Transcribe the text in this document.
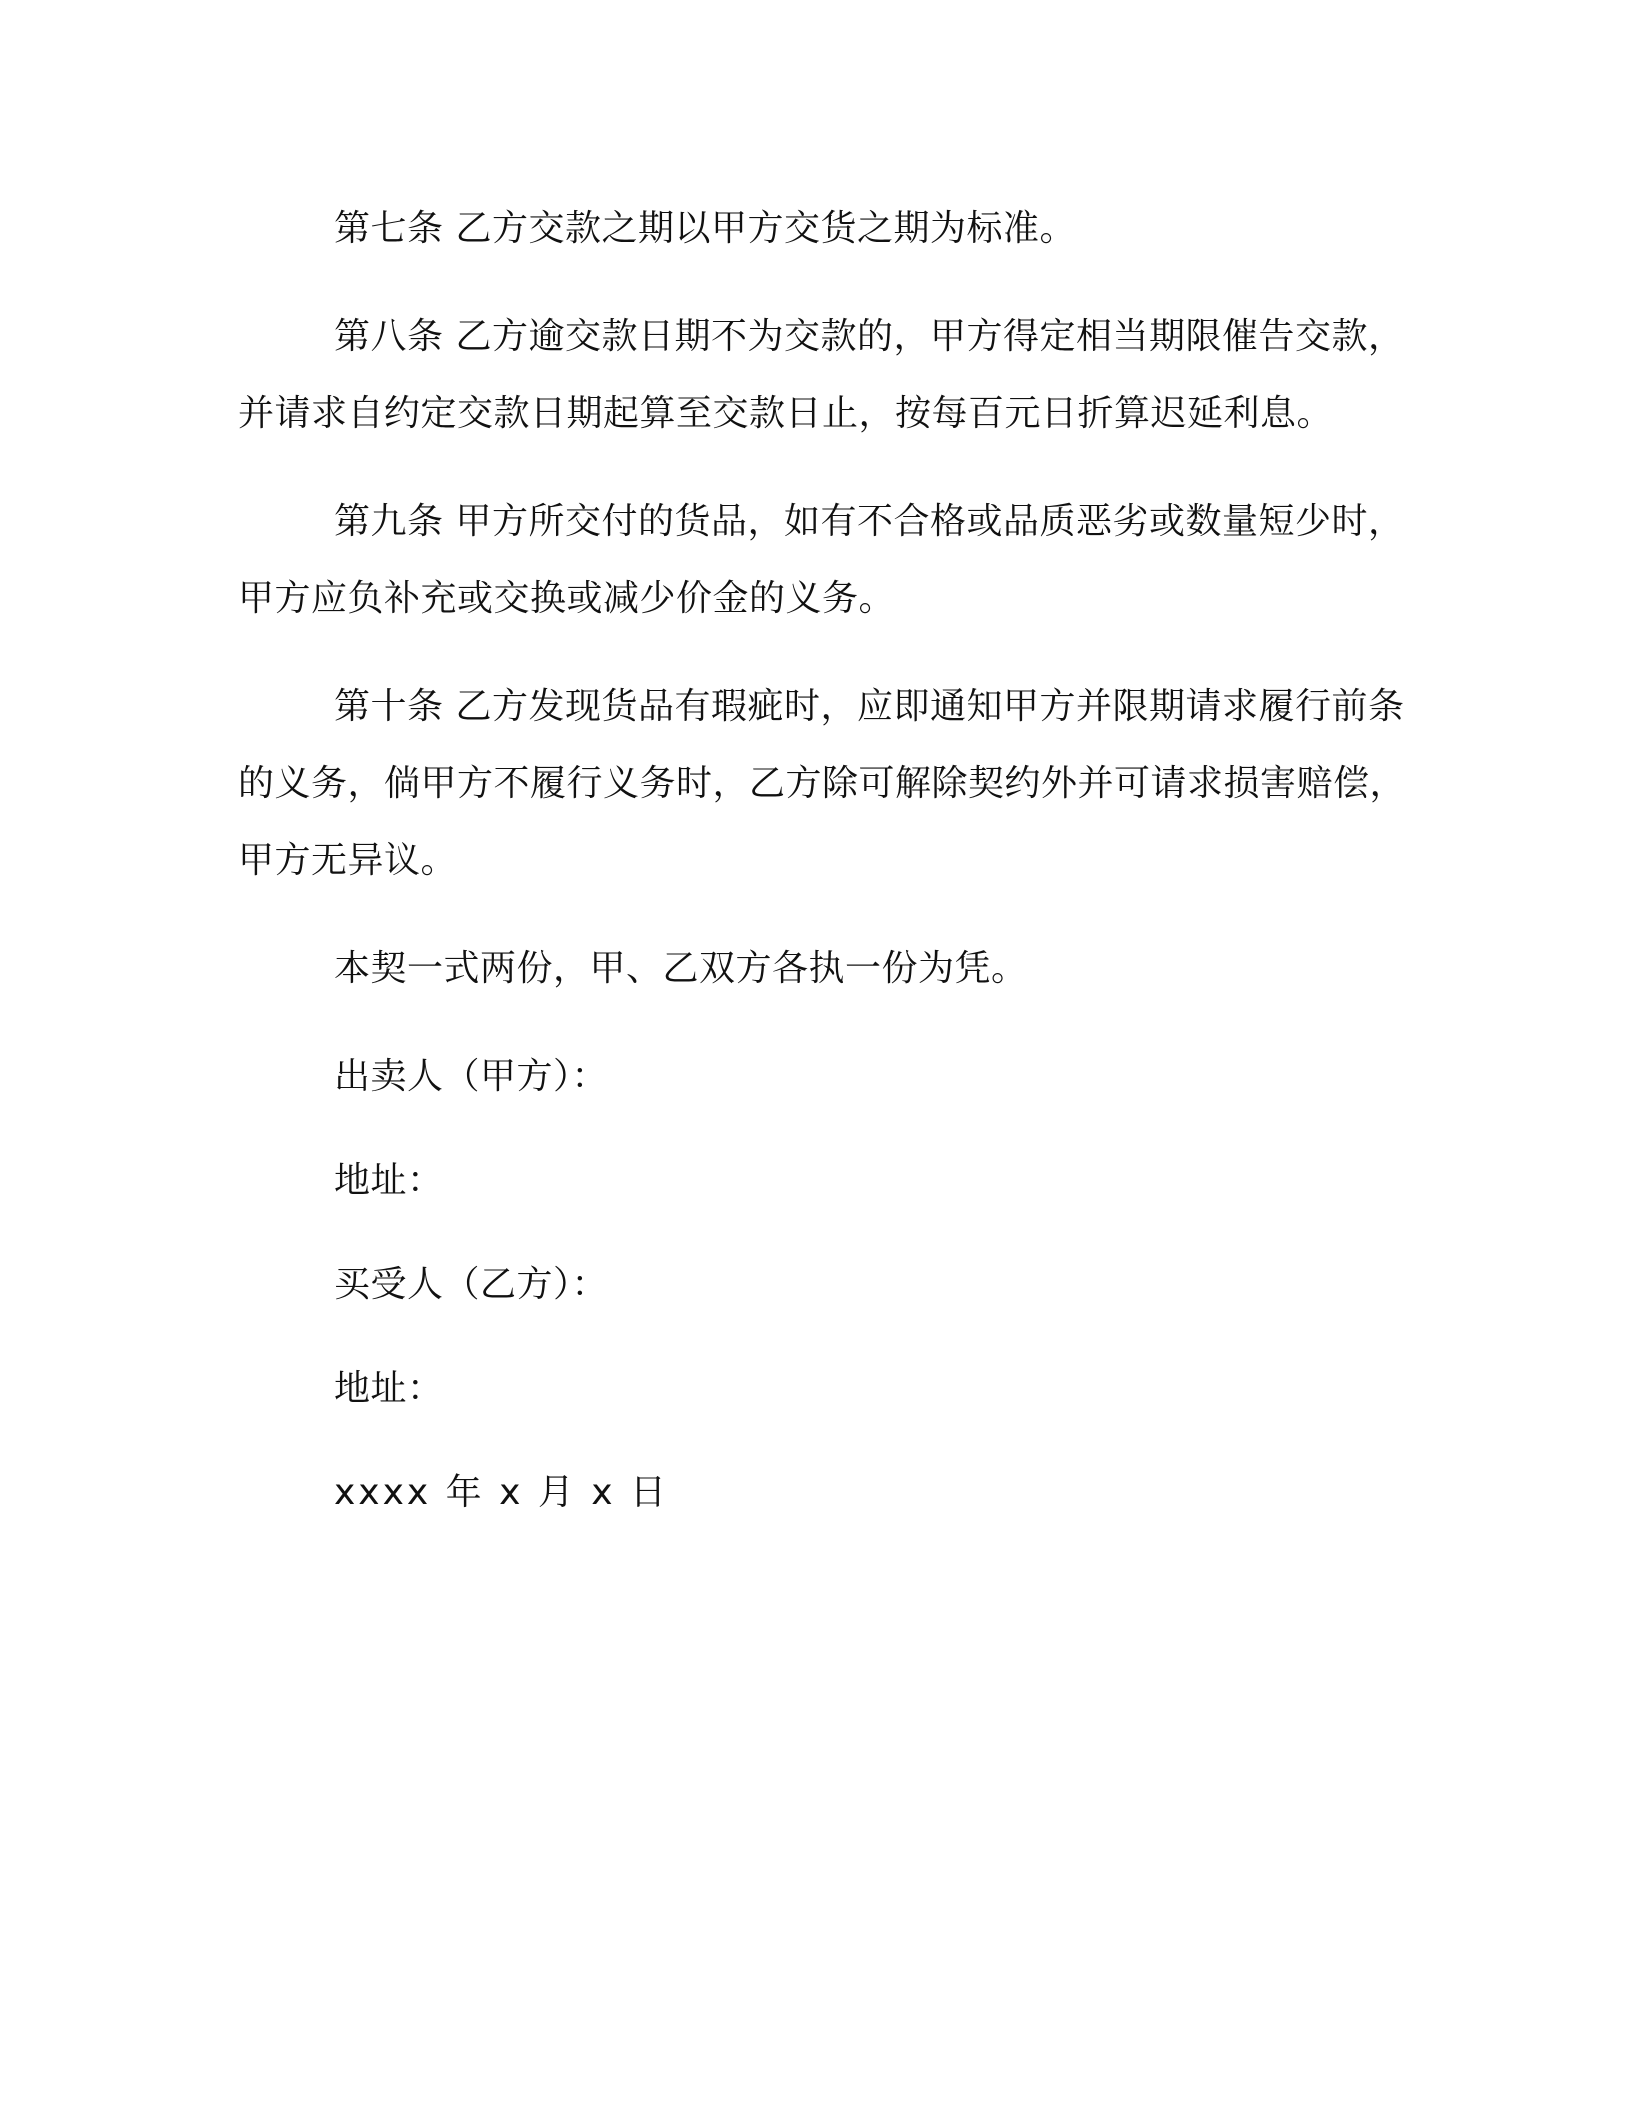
第七条 乙方交款之期以甲方交货之期为标准。

第八条 乙方逾交款日期不为交款的，甲方得定相当期限催告交款，并请求自约定交款日期起算至交款日止，按每百元日折算迟延利息。

第九条 甲方所交付的货品，如有不合格或品质恶劣或数量短少时，甲方应负补充或交换或减少价金的义务。

第十条 乙方发现货品有瑕疵时，应即通知甲方并限期请求履行前条的义务，倘甲方不履行义务时，乙方除可解除契约外并可请求损害赔偿，甲方无异议。

本契一式两份，甲、乙双方各执一份为凭。

出卖人（甲方）：

地址：

买受人（乙方）：

地址：

xxxx 年 x 月 x 日
